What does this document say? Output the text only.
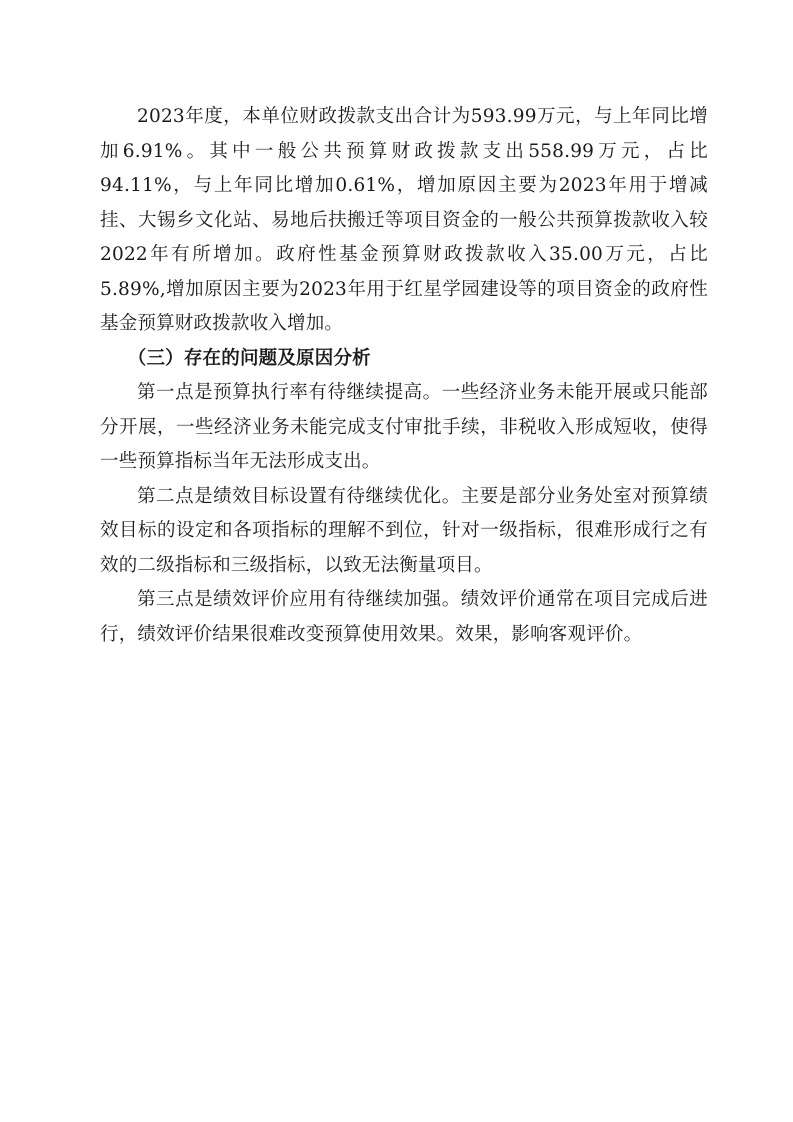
2023年度，本单位财政拨款支出合计为593.99万元，与上年同比增加6.91%。其中一般公共预算财政拨款支出558.99万元，占比94.11%，与上年同比增加0.61%，增加原因主要为2023年用于增减挂、大锡乡文化站、易地后扶搬迁等项目资金的一般公共预算拨款收入较2022年有所增加。政府性基金预算财政拨款收入35.00万元，占比5.89%,增加原因主要为2023年用于红星学园建设等的项目资金的政府性基金预算财政拨款收入增加。

（三）存在的问题及原因分析

第一点是预算执行率有待继续提高。一些经济业务未能开展或只能部分开展，一些经济业务未能完成支付审批手续，非税收入形成短收，使得一些预算指标当年无法形成支出。

第二点是绩效目标设置有待继续优化。主要是部分业务处室对预算绩效目标的设定和各项指标的理解不到位，针对一级指标，很难形成行之有效的二级指标和三级指标，以致无法衡量项目。

第三点是绩效评价应用有待继续加强。绩效评价通常在项目完成后进行，绩效评价结果很难改变预算使用效果。效果，影响客观评价。
